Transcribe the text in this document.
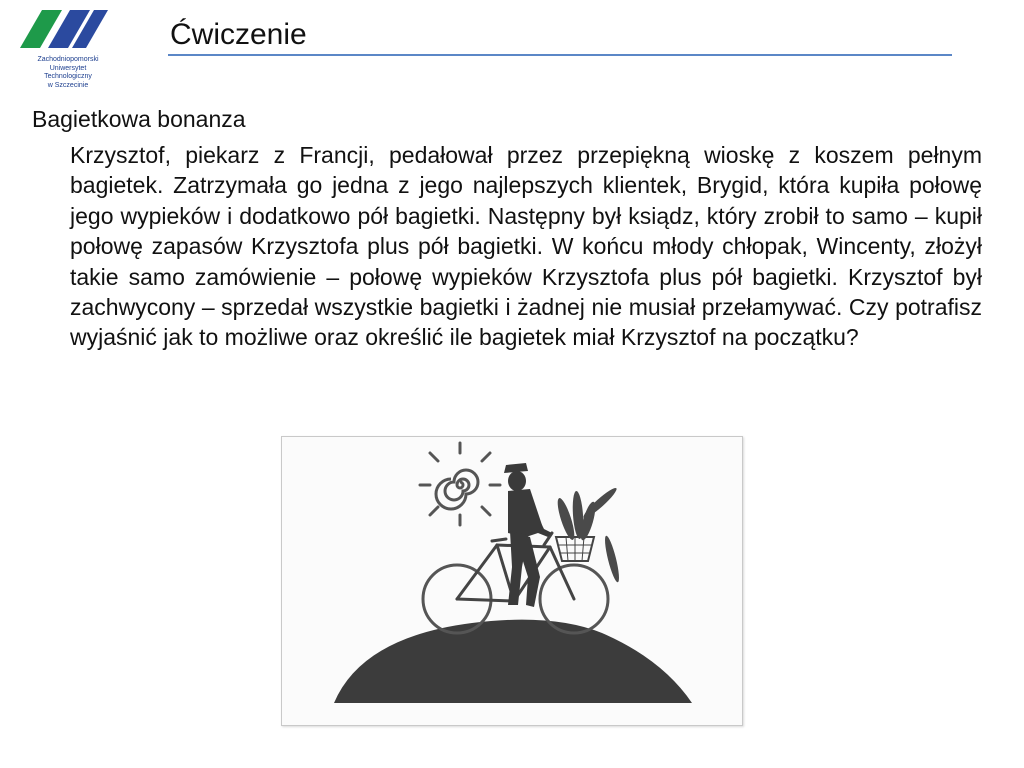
Zachodniopomorski
Uniwersytet
Technologiczny
w Szczecinie
Ćwiczenie
Bagietkowa bonanza

Krzysztof, piekarz z Francji, pedałował przez przepiękną wioskę z koszem pełnym bagietek. Zatrzymała go jedna z jego najlepszych klientek, Brygid, która kupiła połowę jego wypieków i dodatkowo pół bagietki. Następny był ksiądz, który zrobił to samo – kupił połowę zapasów Krzysztofa plus pół bagietki. W końcu młody chłopak, Wincenty, złożył takie samo zamówienie – połowę wypieków Krzysztofa plus pół bagietki. Krzysztof był zachwycony – sprzedał wszystkie bagietki i żadnej nie musiał przełamywać. Czy potrafisz wyjaśnić jak to możliwe oraz określić ile bagietek miał Krzysztof na początku?
